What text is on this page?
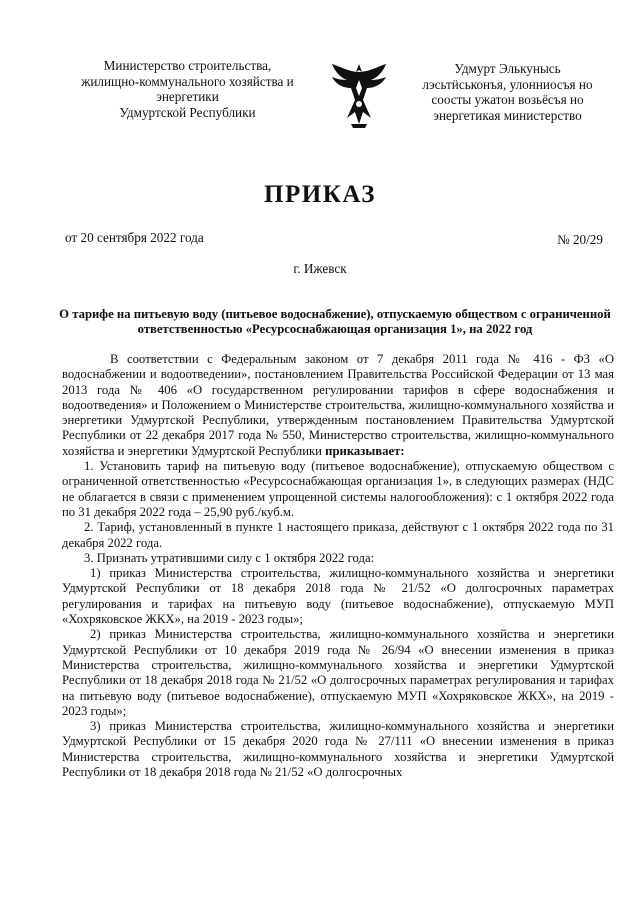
Министерство строительства,
жилищно-коммунального хозяйства и
энергетики
Удмуртской Республики
Удмурт Элькунысь
лэсьтӥськонъя, улонниосъя но
соосты ужатон возьёсъя но
энергетикая министерство
ПРИКАЗ
от 20 сентября 2022 года	№ 20/29
г. Ижевск
О тарифе на питьевую воду (питьевое водоснабжение), отпускаемую обществом с ограниченной ответственностью «Ресурсоснабжающая организация 1», на 2022 год

В соответствии с Федеральным законом от 7 декабря 2011 года № 416 - ФЗ «О водоснабжении и водоотведении», постановлением Правительства Российской Федерации от 13 мая 2013 года № 406 «О государственном регулировании тарифов в сфере водоснабжения и водоотведения» и Положением о Министерстве строительства, жилищно-коммунального хозяйства и энергетики Удмуртской Республики, утвержденным постановлением Правительства Удмуртской Республики от 22 декабря 2017 года № 550, Министерство строительства, жилищно-коммунального хозяйства и энергетики Удмуртской Республики приказывает:

1. Установить тариф на питьевую воду (питьевое водоснабжение), отпускаемую обществом с ограниченной ответственностью «Ресурсоснабжающая организация 1», в следующих размерах (НДС не облагается в связи с применением упрощенной системы налогообложения): с 1 октября 2022 года по 31 декабря 2022 года – 25,90 руб./куб.м.

2. Тариф, установленный в пункте 1 настоящего приказа, действуют с 1 октября 2022 года по 31 декабря 2022 года.

3. Признать утратившими силу с 1 октября 2022 года:

1) приказ Министерства строительства, жилищно-коммунального хозяйства и энергетики Удмуртской Республики от 18 декабря 2018 года № 21/52 «О долгосрочных параметрах регулирования и тарифах на питьевую воду (питьевое водоснабжение), отпускаемую МУП «Хохряковское ЖКХ», на 2019 - 2023 годы»;

2) приказ Министерства строительства, жилищно-коммунального хозяйства и энергетики Удмуртской Республики от 10 декабря 2019 года № 26/94 «О внесении изменения в приказ Министерства строительства, жилищно-коммунального хозяйства и энергетики Удмуртской Республики от 18 декабря 2018 года № 21/52 «О долгосрочных параметрах регулирования и тарифах на питьевую воду (питьевое водоснабжение), отпускаемую МУП «Хохряковское ЖКХ», на 2019 - 2023 годы»;

3) приказ Министерства строительства, жилищно-коммунального хозяйства и энергетики Удмуртской Республики от 15 декабря 2020 года № 27/111 «О внесении изменения в приказ Министерства строительства, жилищно-коммунального хозяйства и энергетики Удмуртской Республики от 18 декабря 2018 года № 21/52 «О долгосрочных
